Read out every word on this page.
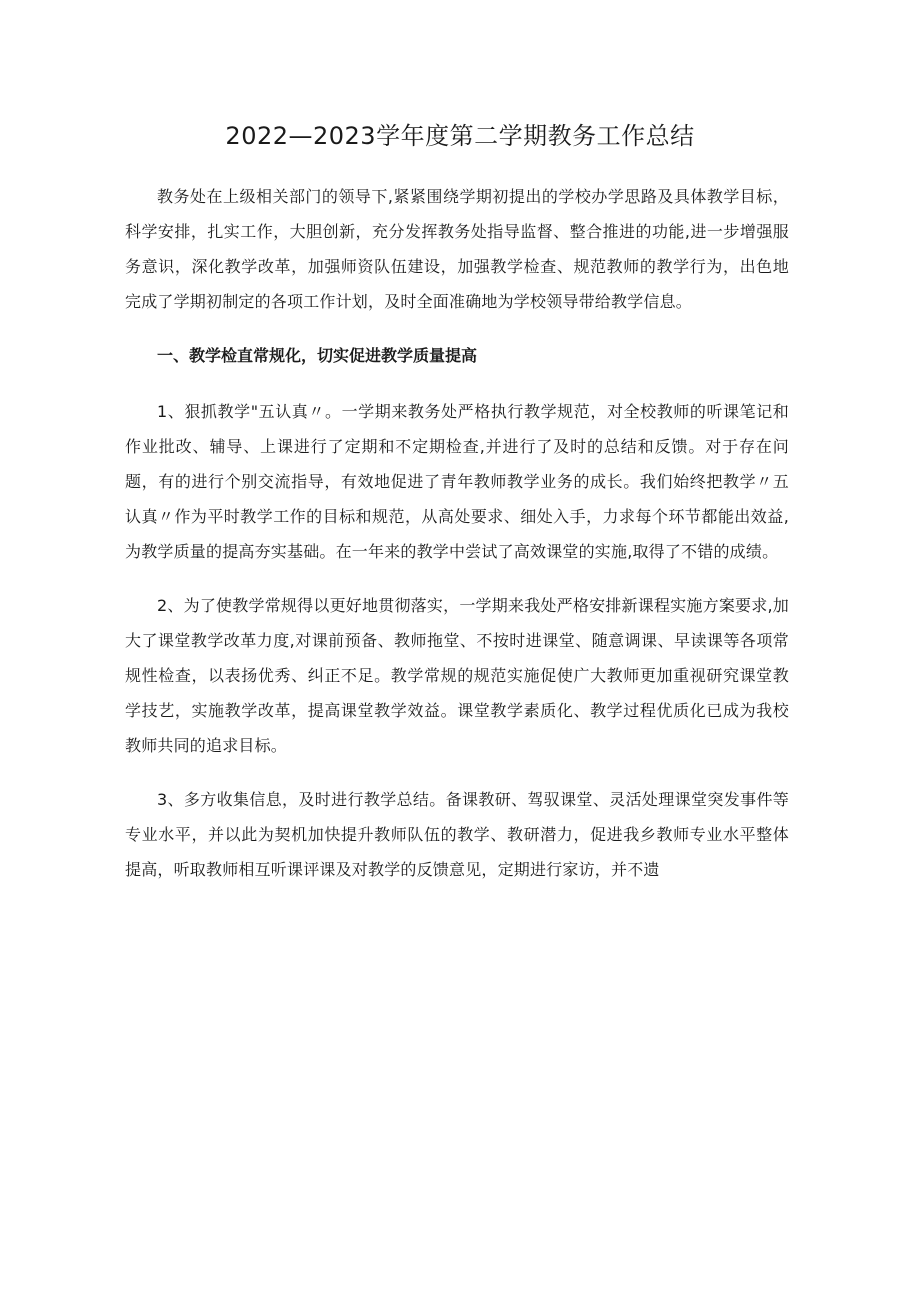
2022—2023学年度第二学期教务工作总结

教务处在上级相关部门的领导下,紧紧围绕学期初提出的学校办学思路及具体教学目标，科学安排，扎实工作，大胆创新，充分发挥教务处指导监督、整合推进的功能,进一步增强服务意识，深化教学改革，加强师资队伍建设，加强教学检查、规范教师的教学行为，出色地完成了学期初制定的各项工作计划，及时全面准确地为学校领导带给教学信息。

一、教学检直常规化，切实促进教学质量提高

1、狠抓教学"五认真〃。一学期来教务处严格执行教学规范，对全校教师的听课笔记和作业批改、辅导、上课进行了定期和不定期检查,并进行了及时的总结和反馈。对于存在问题，有的进行个别交流指导，有效地促进了青年教师教学业务的成长。我们始终把教学〃五认真〃作为平时教学工作的目标和规范，从高处要求、细处入手，力求每个环节都能出效益,为教学质量的提高夯实基础。在一年来的教学中尝试了高效课堂的实施,取得了不错的成绩。

2、为了使教学常规得以更好地贯彻落实，一学期来我处严格安排新课程实施方案要求,加大了课堂教学改革力度,对课前预备、教师拖堂、不按时进课堂、随意调课、早读课等各项常规性检查，以表扬优秀、纠正不足。教学常规的规范实施促使广大教师更加重视研究课堂教学技艺，实施教学改革，提高课堂教学效益。课堂教学素质化、教学过程优质化已成为我校教师共同的追求目标。

3、多方收集信息，及时进行教学总结。备课教研、驾驭课堂、灵活处理课堂突发事件等专业水平，并以此为契机加快提升教师队伍的教学、教研潜力，促进我乡教师专业水平整体提高，听取教师相互听课评课及对教学的反馈意见，定期进行家访，并不遗
